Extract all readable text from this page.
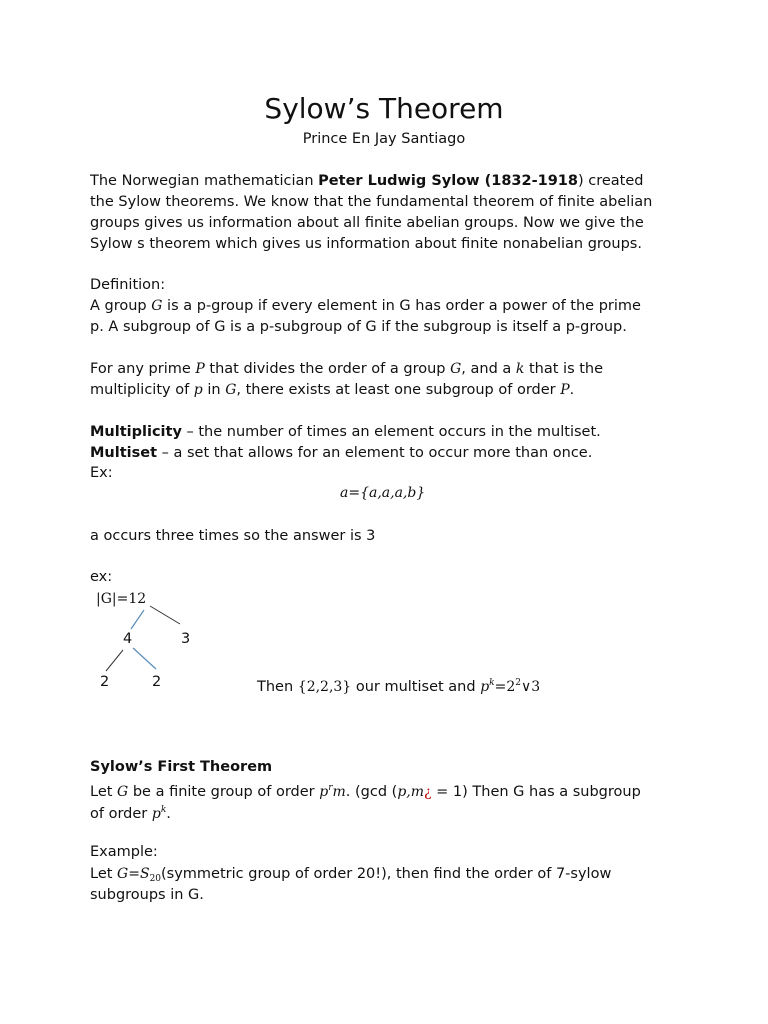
Sylow’s Theorem
Prince En Jay Santiago
The Norwegian mathematician Peter Ludwig Sylow (1832-1918) created
the Sylow theorems. We know that the fundamental theorem of finite abelian
groups gives us information about all finite abelian groups. Now we give the
Sylow s theorem which gives us information about finite nonabelian groups.
Definition:
A group G is a p-group if every element in G has order a power of the prime
p. A subgroup of G is a p-subgroup of G if the subgroup is itself a p-group.
For any prime P that divides the order of a group G, and a k that is the
multiplicity of p in G, there exists at least one subgroup of order P.
Multiplicity – the number of times an element occurs in the multiset.
Multiset – a set that allows for an element to occur more than once.
Ex:
a={a,a,a,b}
a occurs three times so the answer is 3
ex:
|G|=12
4	3
2	2	Then {2,2,3} our multiset and $p^k=2^2\vee 3$
Sylow’s First Theorem
Let G be a finite group of order $p^rm$. (gcd (p,m¿ = 1) Then G has a subgroup
of order $p^k$.
Example:
Let $G=S_{20}(symmetric$ group of order 20!), then find the order of 7-sylow
subgroups in G.
